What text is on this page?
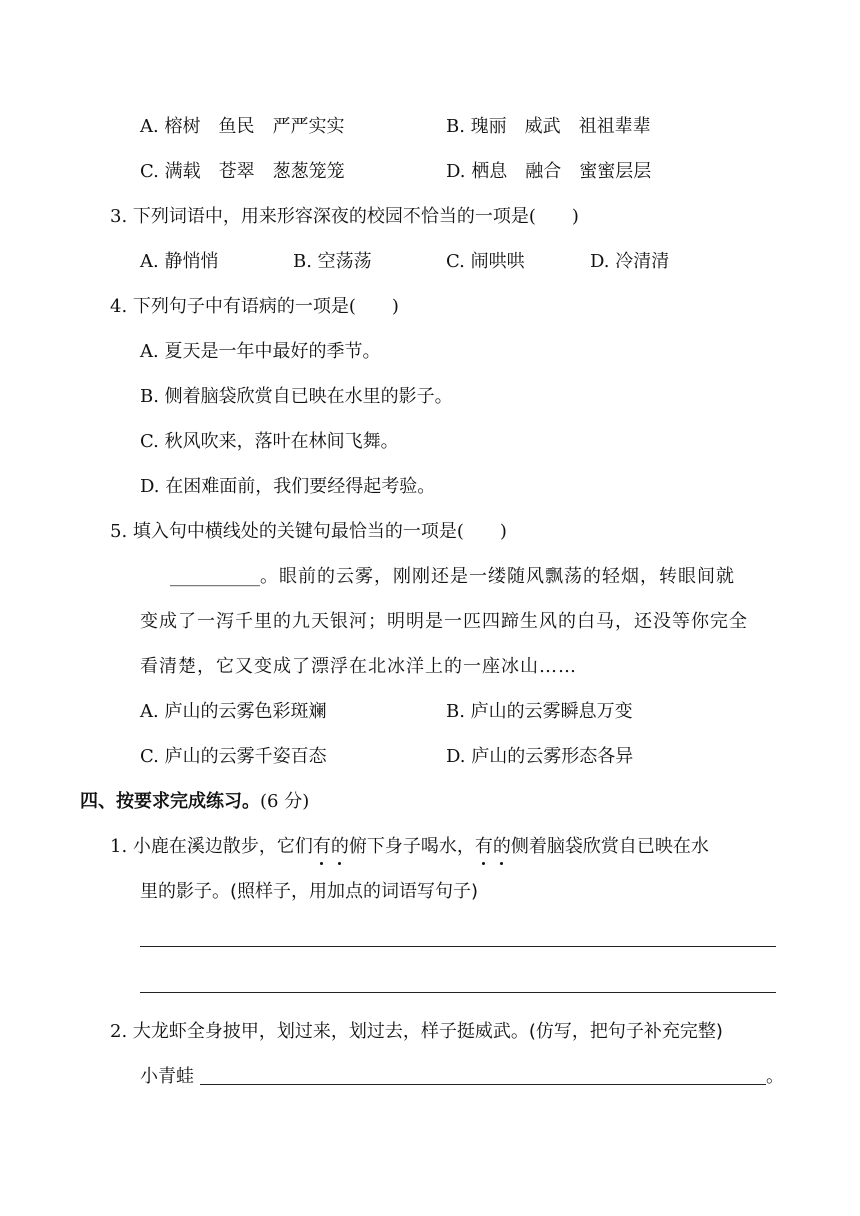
A. 榕树　鱼民　严严实实	B. 瑰丽　威武　祖祖辈辈
C. 满载　苍翠　葱葱笼笼	D. 栖息　融合　蜜蜜层层
3. 下列词语中，用来形容深夜的校园不恰当的一项是(　　)
A. 静悄悄	B. 空荡荡	C. 闹哄哄	D. 冷清清
4. 下列句子中有语病的一项是(　　)
A. 夏天是一年中最好的季节。
B. 侧着脑袋欣赏自已映在水里的影子。
C. 秋风吹来，落叶在林间飞舞。
D. 在困难面前，我们要经得起考验。
5. 填入句中横线处的关键句最恰当的一项是(　　)
__________。眼前的云雾，刚刚还是一缕随风飘荡的轻烟，转眼间就
变成了一泻千里的九天银河；明明是一匹四蹄生风的白马，还没等你完全
看清楚，它又变成了漂浮在北冰洋上的一座冰山……
A. 庐山的云雾色彩斑斓	B. 庐山的云雾瞬息万变
C. 庐山的云雾千姿百态	D. 庐山的云雾形态各异
四、按要求完成练习。(6 分)
1. 小鹿在溪边散步，它们有的俯下身子喝水，有的侧着脑袋欣赏自已映在水
里的影子。(照样子，用加点的词语写句子)
2. 大龙虾全身披甲，划过来，划过去，样子挺威武。(仿写，把句子补充完整)
小青蛙	。
